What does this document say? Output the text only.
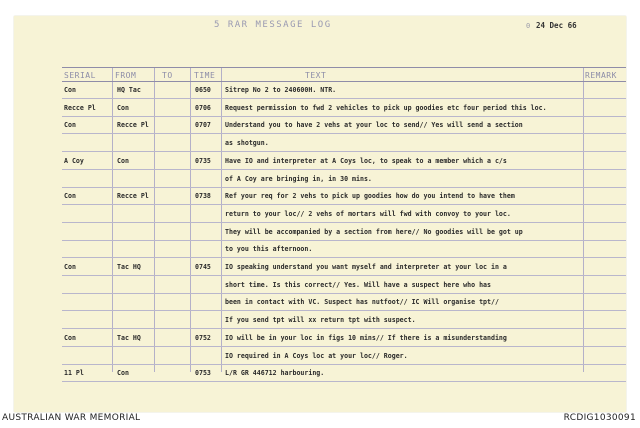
5 RAR MESSAGE LOG	0 24 Dec 66
SERIAL FROM	TO	TIME	TEXT	REMARK
Con	HQ Tac	0650 Sitrep No 2 to 240600H. NTR.
Recce Pl	Con	0706 Request permission to fwd 2 vehicles to pick up goodies etc four period this loc.
Con	Recce Pl	0707 Understand you to have 2 vehs at your loc to send// Yes will send a section
as shotgun.
A Coy	Con	0735 Have IO and interpreter at A Coys loc, to speak to a member which a c/s
of A Coy are bringing in, in 30 mins.
Con	Recce Pl	0738 Ref your req for 2 vehs to pick up goodies how do you intend to have them
return to your loc// 2 vehs of mortars will fwd with convoy to your loc.
They will be accompanied by a section from here// No goodies will be got up
to you this afternoon.
Con	Tac HQ	0745 IO speaking understand you want myself and interpreter at your loc in a
short time. Is this correct// Yes. Will have a suspect here who has
been in contact with VC. Suspect has nutfoot// IC Will organise tpt//
If you send tpt will xx return tpt with suspect.
Con	Tac HQ	0752 IO will be in your loc in figs 10 mins// If there is a misunderstanding
IO required in A Coys loc at your loc// Roger.
11 Pl	Con	0753 L/R GR 446712 harbouring.
AUSTRALIAN WAR MEMORIAL	RCDIG1030091
